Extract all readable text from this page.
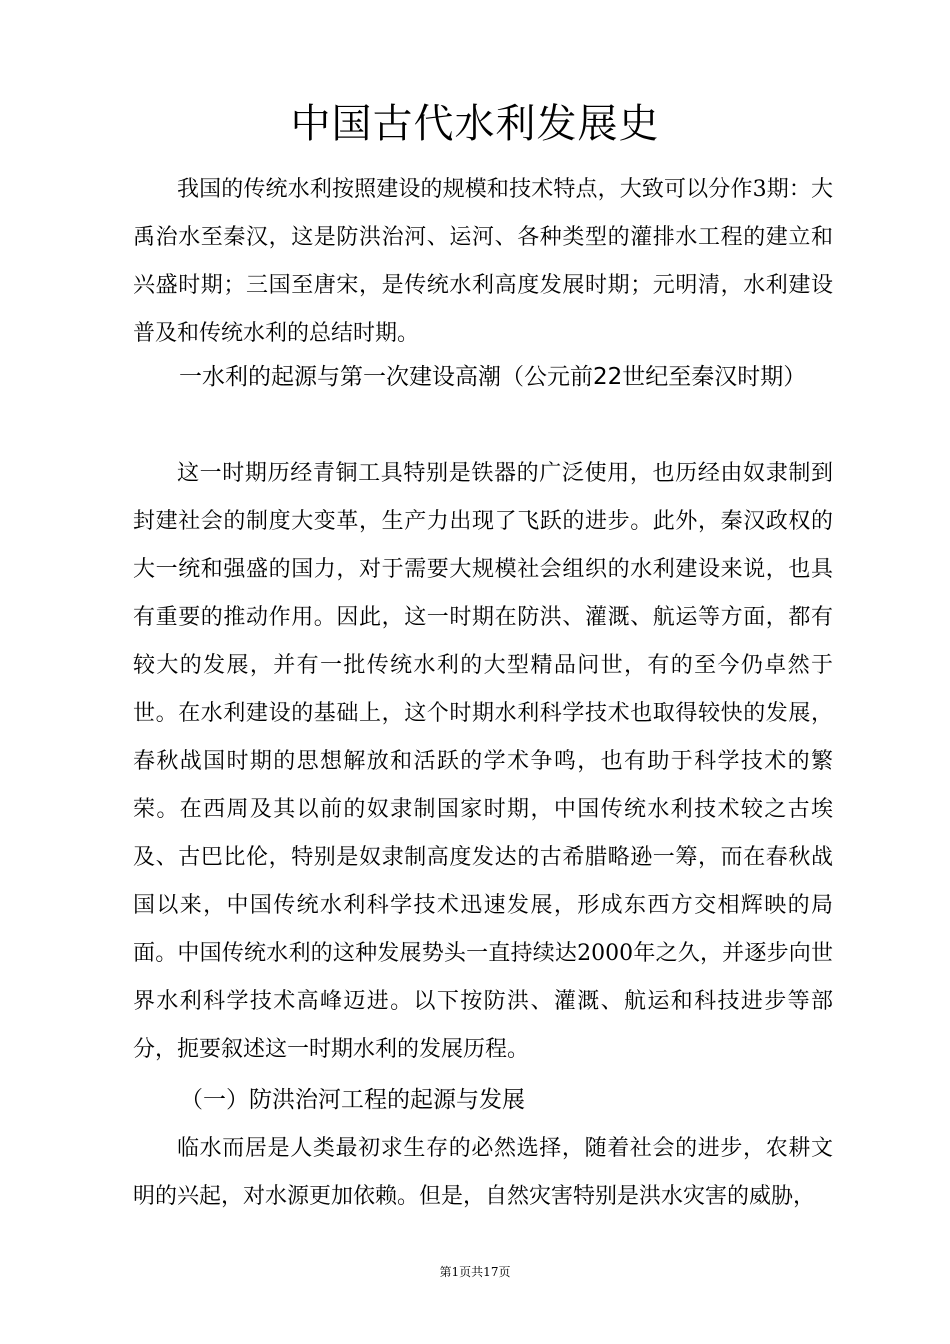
中国古代水利发展史
我国的传统水利按照建设的规模和技术特点，大致可以分作3期：大禹治水至秦汉，这是防洪治河、运河、各种类型的灌排水工程的建立和兴盛时期；三国至唐宋，是传统水利高度发展时期；元明清，水利建设普及和传统水利的总结时期。
一水利的起源与第一次建设高潮（公元前22世纪至秦汉时期）
这一时期历经青铜工具特别是铁器的广泛使用，也历经由奴隶制到封建社会的制度大变革，生产力出现了飞跃的进步。此外，秦汉政权的大一统和强盛的国力，对于需要大规模社会组织的水利建设来说，也具有重要的推动作用。因此，这一时期在防洪、灌溉、航运等方面，都有较大的发展，并有一批传统水利的大型精品问世，有的至今仍卓然于世。在水利建设的基础上，这个时期水利科学技术也取得较快的发展，春秋战国时期的思想解放和活跃的学术争鸣，也有助于科学技术的繁荣。在西周及其以前的奴隶制国家时期，中国传统水利技术较之古埃及、古巴比伦，特别是奴隶制高度发达的古希腊略逊一筹，而在春秋战国以来，中国传统水利科学技术迅速发展，形成东西方交相辉映的局面。中国传统水利的这种发展势头一直持续达2000年之久，并逐步向世界水利科学技术高峰迈进。以下按防洪、灌溉、航运和科技进步等部分，扼要叙述这一时期水利的发展历程。
（一）防洪治河工程的起源与发展
临水而居是人类最初求生存的必然选择，随着社会的进步，农耕文明的兴起，对水源更加依赖。但是，自然灾害特别是洪水灾害的威胁，
第1页共17页
